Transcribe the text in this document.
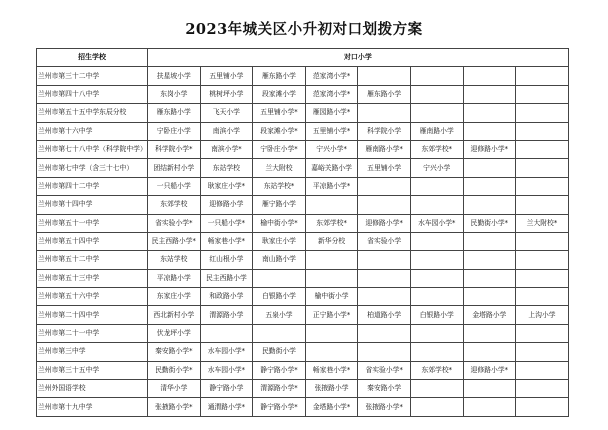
2023年城关区小升初对口划拨方案
招生学校	对口小学							
兰州市第三十二中学	扶星坡小学	五里铺小学	雁东路小学	范家湾小学*				
兰州市第四十八中学	东岗小学	桃树坪小学	段家滩小学	范家湾小学*	雁东路小学			
兰州市第五十五中学东辰分校	雁东路小学	飞天小学	五里铺小学*	雁园路小学*				
兰州市第十六中学	宁卧庄小学	南滨小学	段家滩小学*	五里铺小学*	科学院小学	雁南路小学		
兰州市第七十八中学（科学院中学）	科学院小学*	南滨小学*	宁卧庄小学*	宁兴小学*	雁南路小学*	东郊学校*	迎修路小学*	
兰州市第七中学（含三十七中）	团结新村小学	东站学校	兰大附校	嘉峪关路小学	五里铺小学	宁兴小学		
兰州市第四十二中学	一只船小学	耿家庄小学*	东站学校*	平凉路小学*				
兰州市第十四中学	东郊学校	迎修路小学	雁宁路小学					
兰州市第五十一中学	省实验小学*	一只船小学*	榆中街小学*	东郊学校*	迎修路小学*	水车园小学*	民勤街小学*	兰大附校*
兰州市第五十四中学	民主西路小学*	畅家巷小学*	耿家庄小学	新华分校	省实验小学			
兰州市第五十二中学	东站学校	红山根小学	南山路小学					
兰州市第五十三中学	平凉路小学	民主西路小学						
兰州市第五十六中学	东家庄小学	和政路小学	白银路小学	榆中街小学				
兰州市第二十四中学	西北新村小学	渭源路小学	五泉小学	正宁路小学*	柏道路小学	白银路小学	金塔路小学	上沟小学
兰州市第二十一中学	伏龙坪小学							
兰州市第三中学	秦安路小学*	水车园小学*	民勤街小学					
兰州市第三十五中学	民勤街小学*	水车园小学*	静宁路小学*	畅家巷小学*	省实验小学*	东郊学校*	迎修路小学*	
兰州外国语学校	清华小学	静宁路小学	渭源路小学*	张掖路小学	秦安路小学			
兰州市第十九中学	张掖路小学*	通渭路小学*	静宁路小学*	金塔路小学*	张掖路小学*			
